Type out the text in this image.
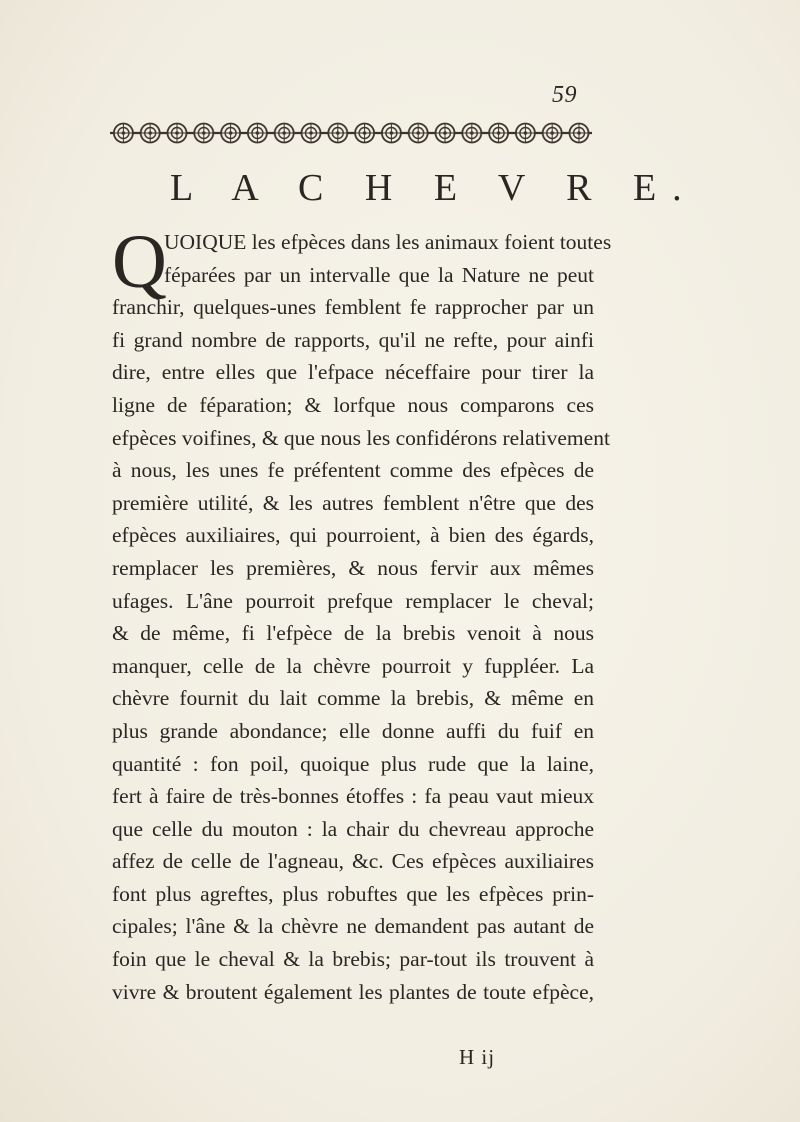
59
L A C H E V R E.
Q
UOIQUE les efpèces dans les animaux foient toutes
féparées par un intervalle que la Nature ne peut
franchir, quelques-unes femblent fe rapprocher par un
fi grand nombre de rapports, qu'il ne refte, pour ainfi
dire, entre elles que l'efpace néceffaire pour tirer la
ligne de féparation; & lorfque nous comparons ces
efpèces voifines, & que nous les confidérons relativement
à nous, les unes fe préfentent comme des efpèces de
première utilité, & les autres femblent n'être que des
efpèces auxiliaires, qui pourroient, à bien des égards,
remplacer les premières, & nous fervir aux mêmes
ufages. L'âne pourroit prefque remplacer le cheval;
& de même, fi l'efpèce de la brebis venoit à nous
manquer, celle de la chèvre pourroit y fuppléer. La
chèvre fournit du lait comme la brebis, & même en
plus grande abondance; elle donne auffi du fuif en
quantité : fon poil, quoique plus rude que la laine,
fert à faire de très-bonnes étoffes : fa peau vaut mieux
que celle du mouton : la chair du chevreau approche
affez de celle de l'agneau, &c. Ces efpèces auxiliaires
font plus agreftes, plus robuftes que les efpèces prin-
cipales; l'âne & la chèvre ne demandent pas autant de
foin que le cheval & la brebis; par-tout ils trouvent à
vivre & broutent également les plantes de toute efpèce,
H ij
